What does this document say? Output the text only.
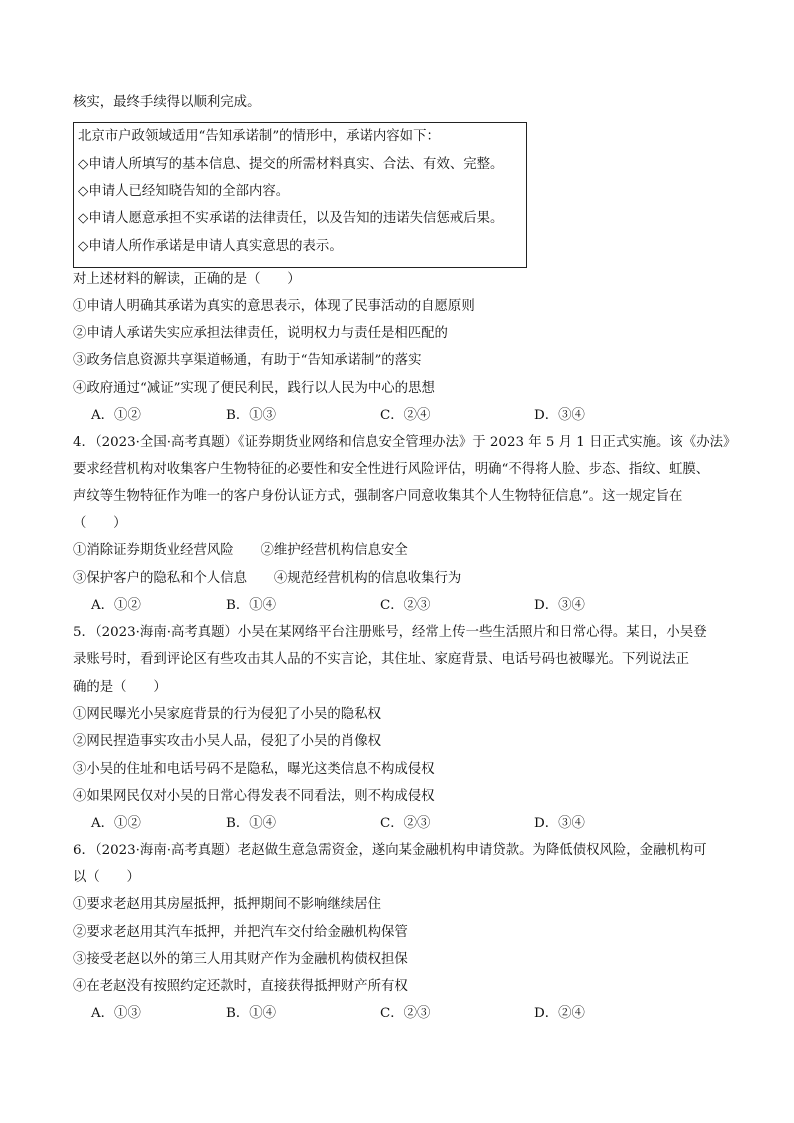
核实，最终手续得以顺利完成。
北京市户政领域适用“告知承诺制”的情形中，承诺内容如下：
◇申请人所填写的基本信息、提交的所需材料真实、合法、有效、完整。
◇申请人已经知晓告知的全部内容。
◇申请人愿意承担不实承诺的法律责任，以及告知的违诺失信惩戒后果。
◇申请人所作承诺是申请人真实意思的表示。
对上述材料的解读，正确的是（　　）
①申请人明确其承诺为真实的意思表示，体现了民事活动的自愿原则
②申请人承诺失实应承担法律责任，说明权力与责任是相匹配的
③政务信息资源共享渠道畅通，有助于“告知承诺制”的落实
④政府通过“减证”实现了便民利民，践行以人民为中心的思想
A．①②	B．①③	C．②④	D．③④
4．（2023·全国·高考真题）《证券期货业网络和信息安全管理办法》于 2023 年 5 月 1 日正式实施。该《办法》
要求经营机构对收集客户生物特征的必要性和安全性进行风险评估，明确“不得将人脸、步态、指纹、虹膜、
声纹等生物特征作为唯一的客户身份认证方式，强制客户同意收集其个人生物特征信息”。这一规定旨在
（　　）
①消除证券期货业经营风险　　②维护经营机构信息安全
③保护客户的隐私和个人信息　　④规范经营机构的信息收集行为
A．①②	B．①④	C．②③	D．③④
5．（2023·海南·高考真题）小吴在某网络平台注册账号，经常上传一些生活照片和日常心得。某日，小吴登
录账号时，看到评论区有些攻击其人品的不实言论，其住址、家庭背景、电话号码也被曝光。下列说法正
确的是（　　）
①网民曝光小吴家庭背景的行为侵犯了小吴的隐私权
②网民捏造事实攻击小吴人品，侵犯了小吴的肖像权
③小吴的住址和电话号码不是隐私，曝光这类信息不构成侵权
④如果网民仅对小吴的日常心得发表不同看法，则不构成侵权
A．①②	B．①④	C．②③	D．③④
6．（2023·海南·高考真题）老赵做生意急需资金，遂向某金融机构申请贷款。为降低债权风险，金融机构可
以（　　）
①要求老赵用其房屋抵押，抵押期间不影响继续居住
②要求老赵用其汽车抵押，并把汽车交付给金融机构保管
③接受老赵以外的第三人用其财产作为金融机构债权担保
④在老赵没有按照约定还款时，直接获得抵押财产所有权
A．①③	B．①④	C．②③	D．②④
